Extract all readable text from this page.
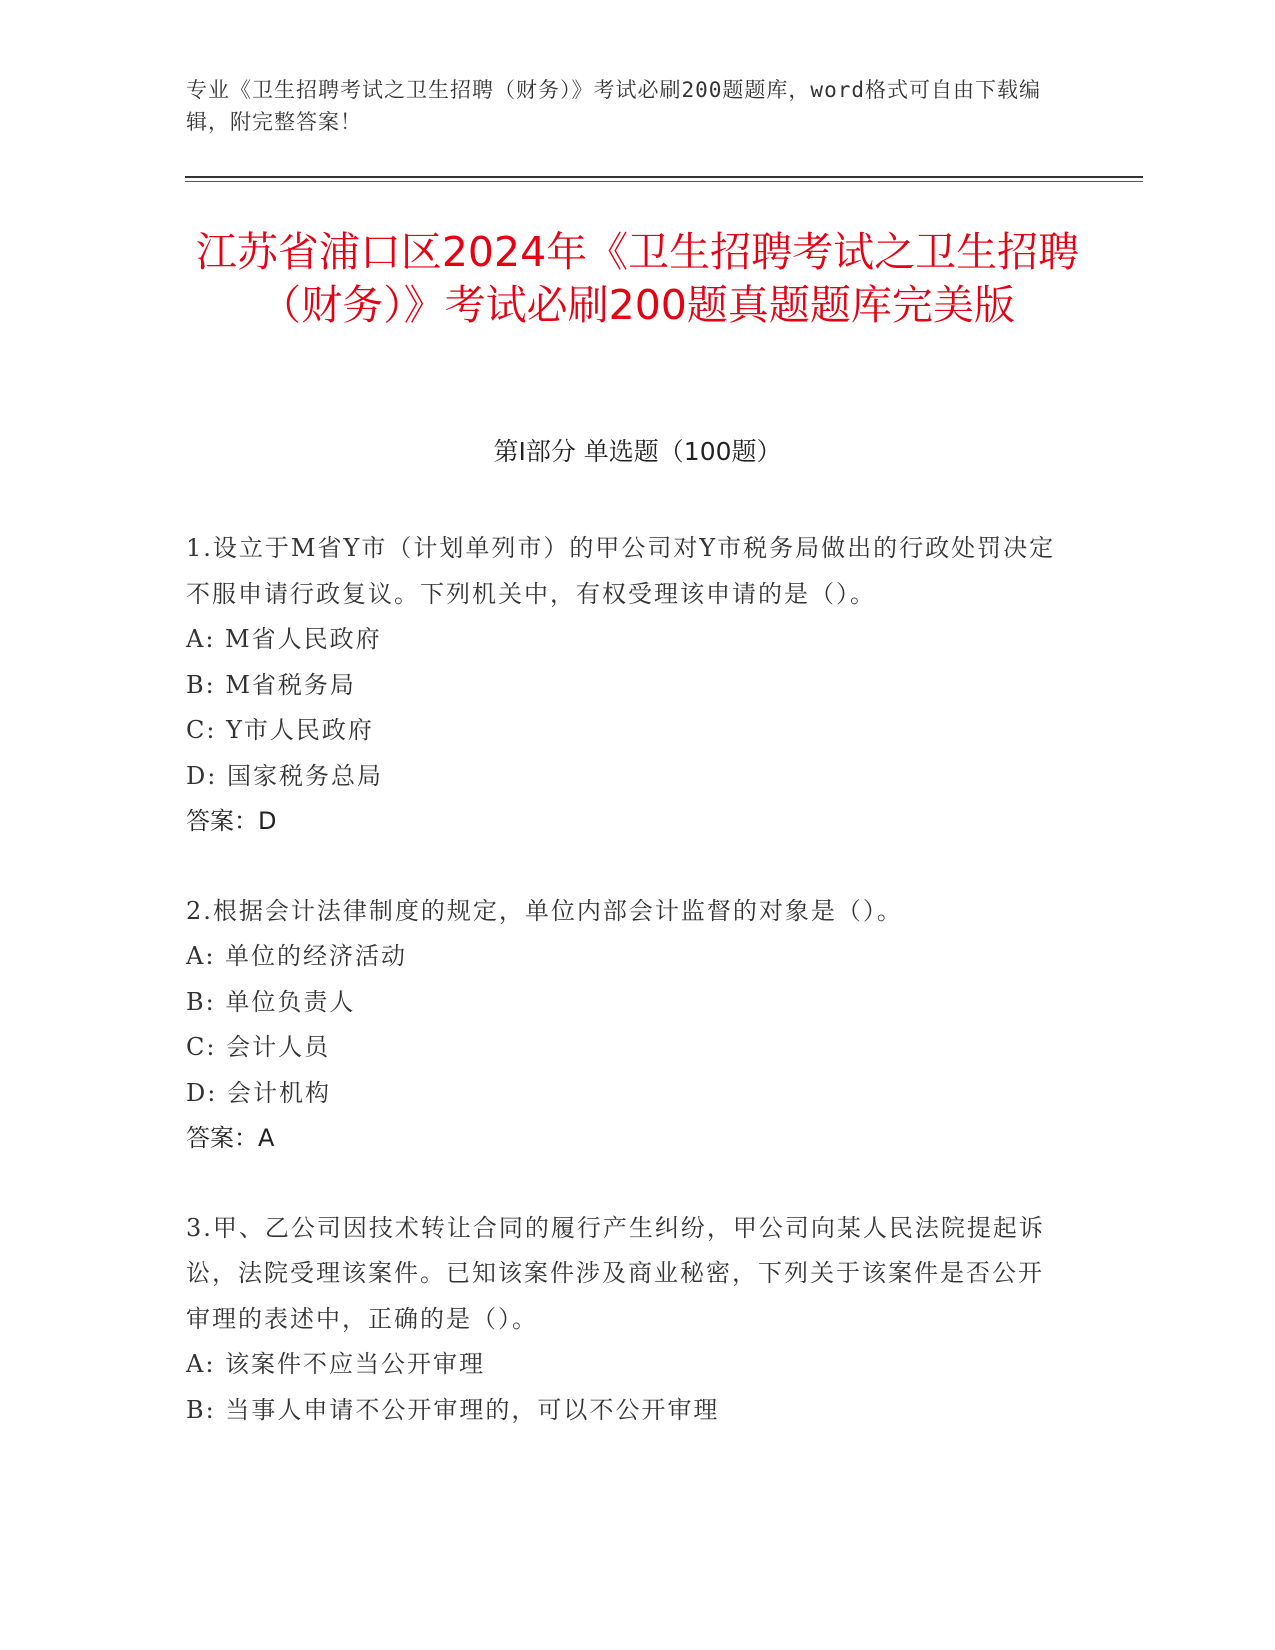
专业《卫生招聘考试之卫生招聘（财务）》考试必刷200题题库，word格式可自由下载编辑，附完整答案！
江苏省浦口区2024年《卫生招聘考试之卫生招聘（财务）》考试必刷200题真题题库完美版
第I部分 单选题（100题）
1.设立于M省Y市（计划单列市）的甲公司对Y市税务局做出的行政处罚决定不服申请行政复议。下列机关中，有权受理该申请的是（）。
A: M省人民政府
B: M省税务局
C: Y市人民政府
D: 国家税务总局
答案：D
2.根据会计法律制度的规定，单位内部会计监督的对象是（）。
A: 单位的经济活动
B: 单位负责人
C: 会计人员
D: 会计机构
答案：A
3.甲、乙公司因技术转让合同的履行产生纠纷，甲公司向某人民法院提起诉讼，法院受理该案件。已知该案件涉及商业秘密，下列关于该案件是否公开审理的表述中，正确的是（）。
A: 该案件不应当公开审理
B: 当事人申请不公开审理的，可以不公开审理
